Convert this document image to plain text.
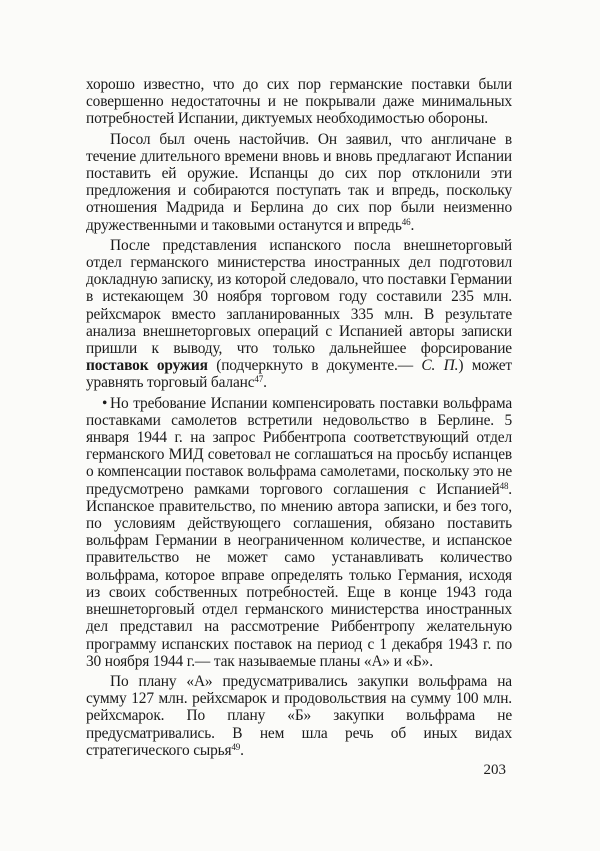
хорошо известно, что до сих пор германские поставки были совершенно недостаточны и не покрывали даже минимальных потребностей Испании, диктуемых необходимостью обороны.

Посол был очень настойчив. Он заявил, что англичане в течение длительного времени вновь и вновь предлагают Испании поставить ей оружие. Испанцы до сих пор отклонили эти предложения и собираются поступать так и впредь, поскольку отношения Мадрида и Берлина до сих пор были неизменно дружественными и таковыми останутся и впредь$^{46}$.

После представления испанского посла внешнеторговый отдел германского министерства иностранных дел подготовил докладную записку, из которой следовало, что поставки Германии в истекающем 30 ноября торговом году составили 235 млн. рейхсмарок вместо запланированных 335 млн. В результате анализа внешнеторговых операций с Испанией авторы записки пришли к выводу, что только дальнейшее форсирование поставок оружия (подчеркнуто в документе.— С. П.) может уравнять торговый баланс$^{47}$.

• Но требование Испании компенсировать поставки вольфрама поставками самолетов встретили недовольство в Берлине. 5 января 1944 г. на запрос Риббентропа соответствующий отдел германского МИД советовал не соглашаться на просьбу испанцев о компенсации поставок вольфрама самолетами, поскольку это не предусмотрено рамками торгового соглашения с Испанией$^{48}$. Испанское правительство, по мнению автора записки, и без того, по условиям действующего соглашения, обязано поставить вольфрам Германии в неограниченном количестве, и испанское правительство не может само устанавливать количество вольфрама, которое вправе определять только Германия, исходя из своих собственных потребностей. Еще в конце 1943 года внешнеторговый отдел германского министерства иностранных дел представил на рассмотрение Риббентропу желательную программу испанских поставок на период с 1 декабря 1943 г. по 30 ноября 1944 г.— так называемые планы «А» и «Б».

По плану «А» предусматривались закупки вольфрама на сумму 127 млн. рейхсмарок и продовольствия на сумму 100 млн. рейхсмарок. По плану «Б» закупки вольфрама не предусматривались. В нем шла речь об иных видах стратегического сырья$^{49}$.

203
